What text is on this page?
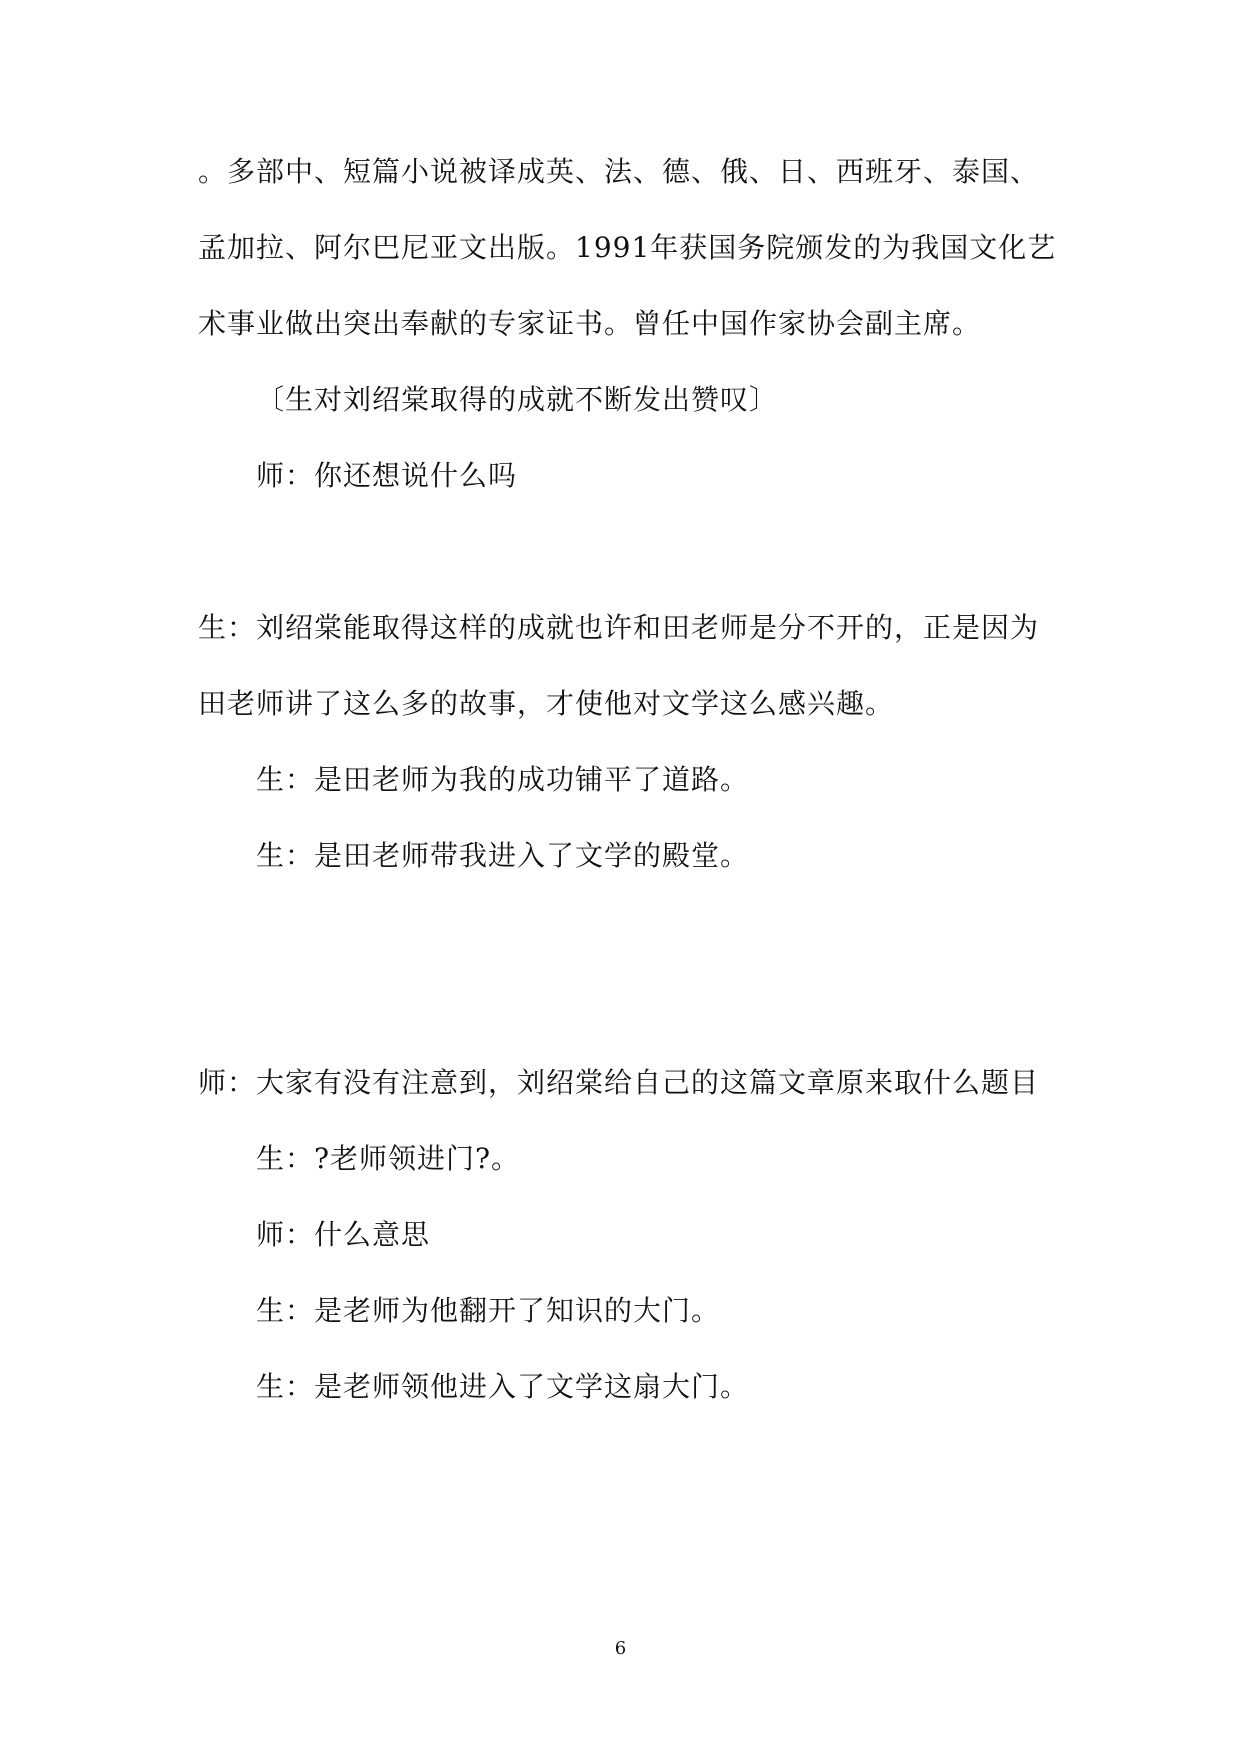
。多部中、短篇小说被译成英、法、德、俄、日、西班牙、泰国、
孟加拉、阿尔巴尼亚文出版。1991年获国务院颁发的为我国文化艺
术事业做出突出奉献的专家证书。曾任中国作家协会副主席。
〔生对刘绍棠取得的成就不断发出赞叹〕
师：你还想说什么吗
生：刘绍棠能取得这样的成就也许和田老师是分不开的，正是因为
田老师讲了这么多的故事，才使他对文学这么感兴趣。
生：是田老师为我的成功铺平了道路。
生：是田老师带我进入了文学的殿堂。
师：大家有没有注意到，刘绍棠给自己的这篇文章原来取什么题目
生：?老师领进门?。
师：什么意思
生：是老师为他翻开了知识的大门。
生：是老师领他进入了文学这扇大门。
6
